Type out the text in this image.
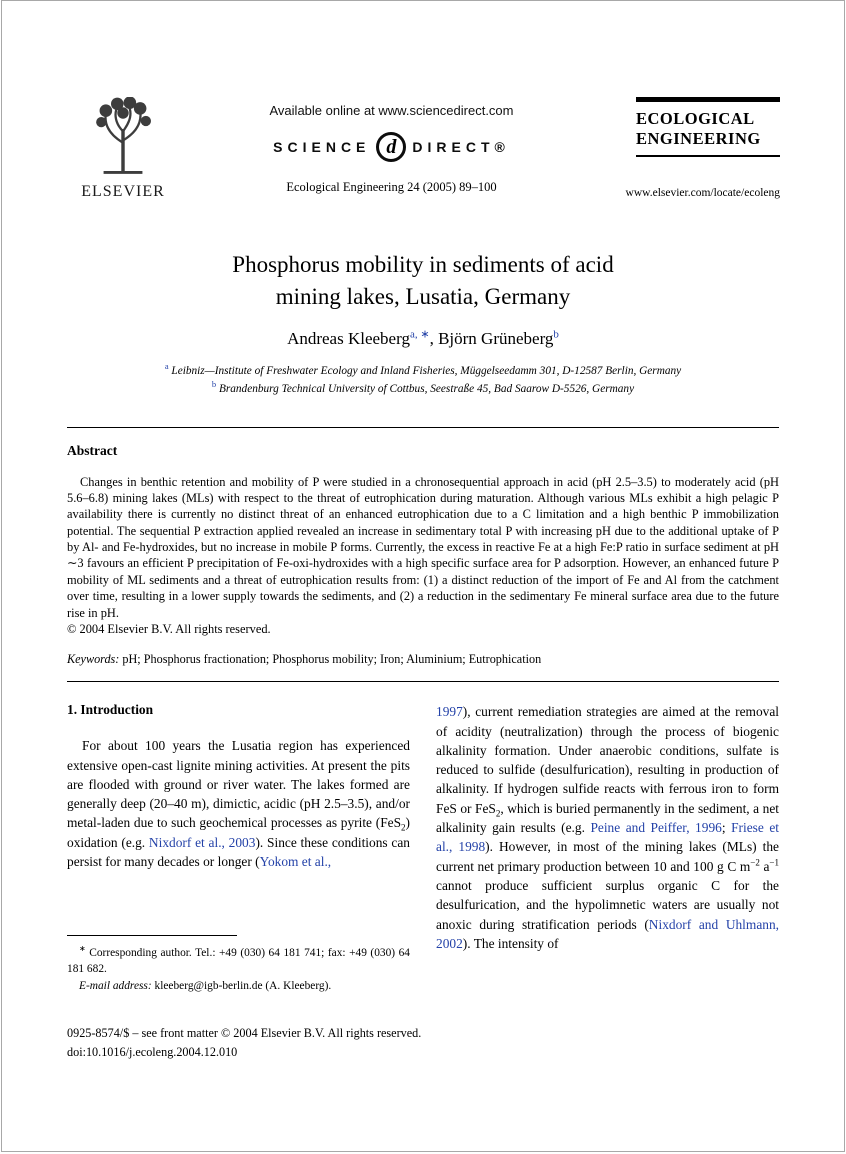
ELSEVIER
Available online at www.sciencedirect.com
SCIENCE d DIRECT®
Ecological Engineering 24 (2005) 89–100
ECOLOGICAL
ENGINEERING
www.elsevier.com/locate/ecoleng
Phosphorus mobility in sediments of acid
mining lakes, Lusatia, Germany
Andreas Kleeberg$^{a, ∗}$, Björn Grüneberg$^b$
$^a$ Leibniz—Institute of Freshwater Ecology and Inland Fisheries, Müggelseedamm 301, D-12587 Berlin, Germany
$^b$ Brandenburg Technical University of Cottbus, Seestraße 45, Bad Saarow D-5526, Germany
Abstract
Changes in benthic retention and mobility of P were studied in a chronosequential approach in acid (pH 2.5–3.5) to moderately acid (pH 5.6–6.8) mining lakes (MLs) with respect to the threat of eutrophication during maturation. Although various MLs exhibit a high pelagic P availability there is currently no distinct threat of an enhanced eutrophication due to a C limitation and a high benthic P immobilization potential. The sequential P extraction applied revealed an increase in sedimentary total P with increasing pH due to the additional uptake of P by Al- and Fe-hydroxides, but no increase in mobile P forms. Currently, the excess in reactive Fe at a high Fe:P ratio in surface sediment at pH ∼3 favours an efficient P precipitation of Fe-oxi-hydroxides with a high specific surface area for P adsorption. However, an enhanced future P mobility of ML sediments and a threat of eutrophication results from: (1) a distinct reduction of the import of Fe and Al from the catchment over time, resulting in a lower supply towards the sediments, and (2) a reduction in the sedimentary Fe mineral surface area due to the future rise in pH.
© 2004 Elsevier B.V. All rights reserved.
Keywords: pH; Phosphorus fractionation; Phosphorus mobility; Iron; Aluminium; Eutrophication
1. Introduction
For about 100 years the Lusatia region has experienced extensive open-cast lignite mining activities. At present the pits are flooded with ground or river water. The lakes formed are generally deep (20–40 m), dimictic, acidic (pH 2.5–3.5), and/or metal-laden due to such geochemical processes as pyrite (FeS$_2$) oxidation (e.g. Nixdorf et al., 2003). Since these conditions can persist for many decades or longer (Yokom et al.,
∗ Corresponding author. Tel.: +49 (030) 64 181 741; fax: +49 (030) 64 181 682.
E-mail address: kleeberg@igb-berlin.de (A. Kleeberg).
1997), current remediation strategies are aimed at the removal of acidity (neutralization) through the process of biogenic alkalinity formation. Under anaerobic conditions, sulfate is reduced to sulfide (desulfurication), resulting in production of alkalinity. If hydrogen sulfide reacts with ferrous iron to form FeS or FeS$_2$, which is buried permanently in the sediment, a net alkalinity gain results (e.g. Peine and Peiffer, 1996; Friese et al., 1998). However, in most of the mining lakes (MLs) the current net primary production between 10 and 100 g C $m^{-2}$ $a^{-1}$ cannot produce sufficient surplus organic C for the desulfurication, and the hypolimnetic waters are usually not anoxic during stratification periods (Nixdorf and Uhlmann, 2002). The intensity of
0925-8574/$ – see front matter © 2004 Elsevier B.V. All rights reserved.
doi:10.1016/j.ecoleng.2004.12.010
